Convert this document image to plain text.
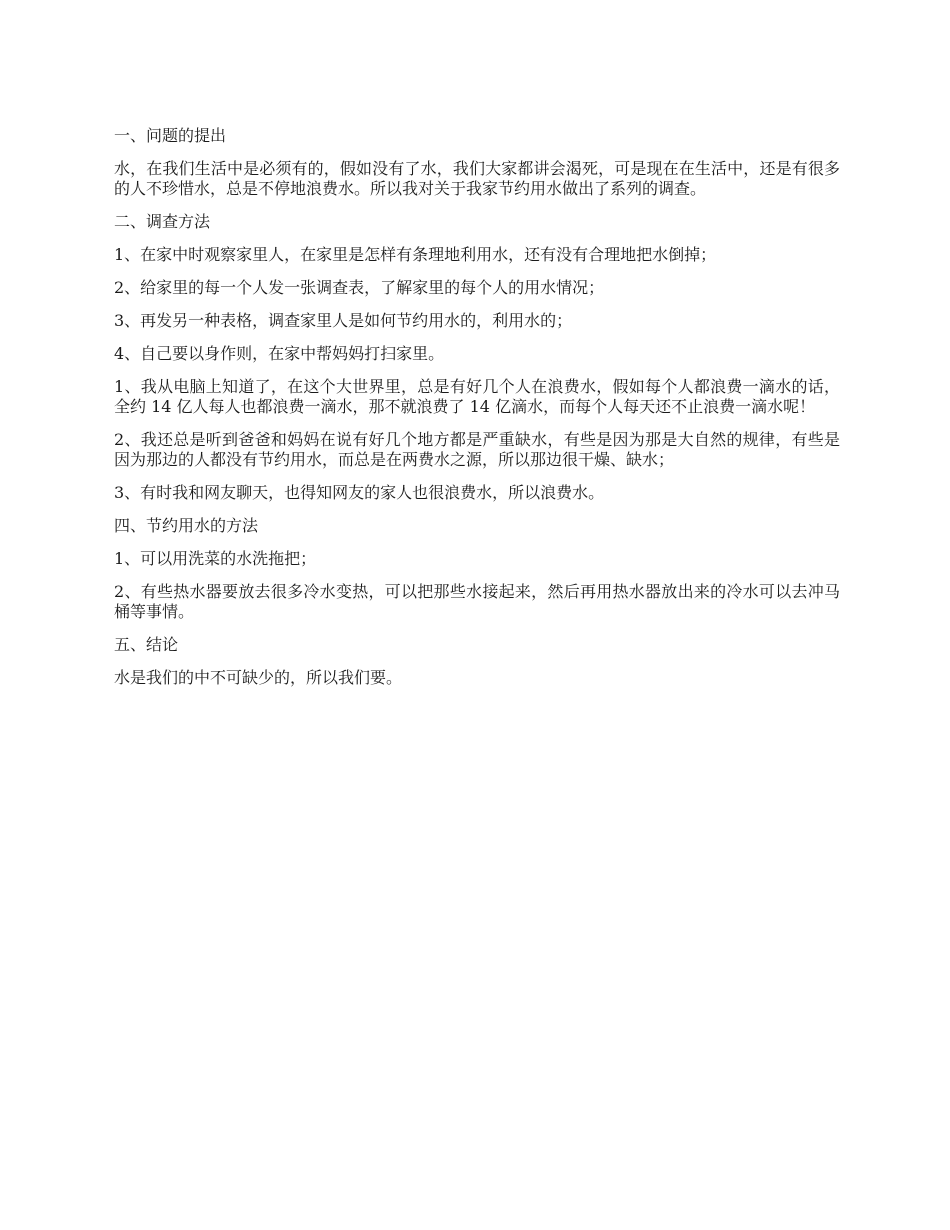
一、问题的提出

水，在我们生活中是必须有的，假如没有了水，我们大家都讲会渴死，可是现在在生活中，还是有很多的人不珍惜水，总是不停地浪费水。所以我对关于我家节约用水做出了系列的调查。

二、调查方法

1、在家中时观察家里人，在家里是怎样有条理地利用水，还有没有合理地把水倒掉；

2、给家里的每一个人发一张调查表，了解家里的每个人的用水情况；

3、再发另一种表格，调查家里人是如何节约用水的，利用水的；

4、自己要以身作则，在家中帮妈妈打扫家里。

1、我从电脑上知道了，在这个大世界里，总是有好几个人在浪费水，假如每个人都浪费一滴水的话，全约 14 亿人每人也都浪费一滴水，那不就浪费了 14 亿滴水，而每个人每天还不止浪费一滴水呢！

2、我还总是听到爸爸和妈妈在说有好几个地方都是严重缺水，有些是因为那是大自然的规律，有些是因为那边的人都没有节约用水，而总是在两费水之源，所以那边很干燥、缺水；

3、有时我和网友聊天，也得知网友的家人也很浪费水，所以浪费水。

四、节约用水的方法

1、可以用洗菜的水洗拖把；

2、有些热水器要放去很多冷水变热，可以把那些水接起来，然后再用热水器放出来的冷水可以去冲马桶等事情。

五、结论

水是我们的中不可缺少的，所以我们要。
